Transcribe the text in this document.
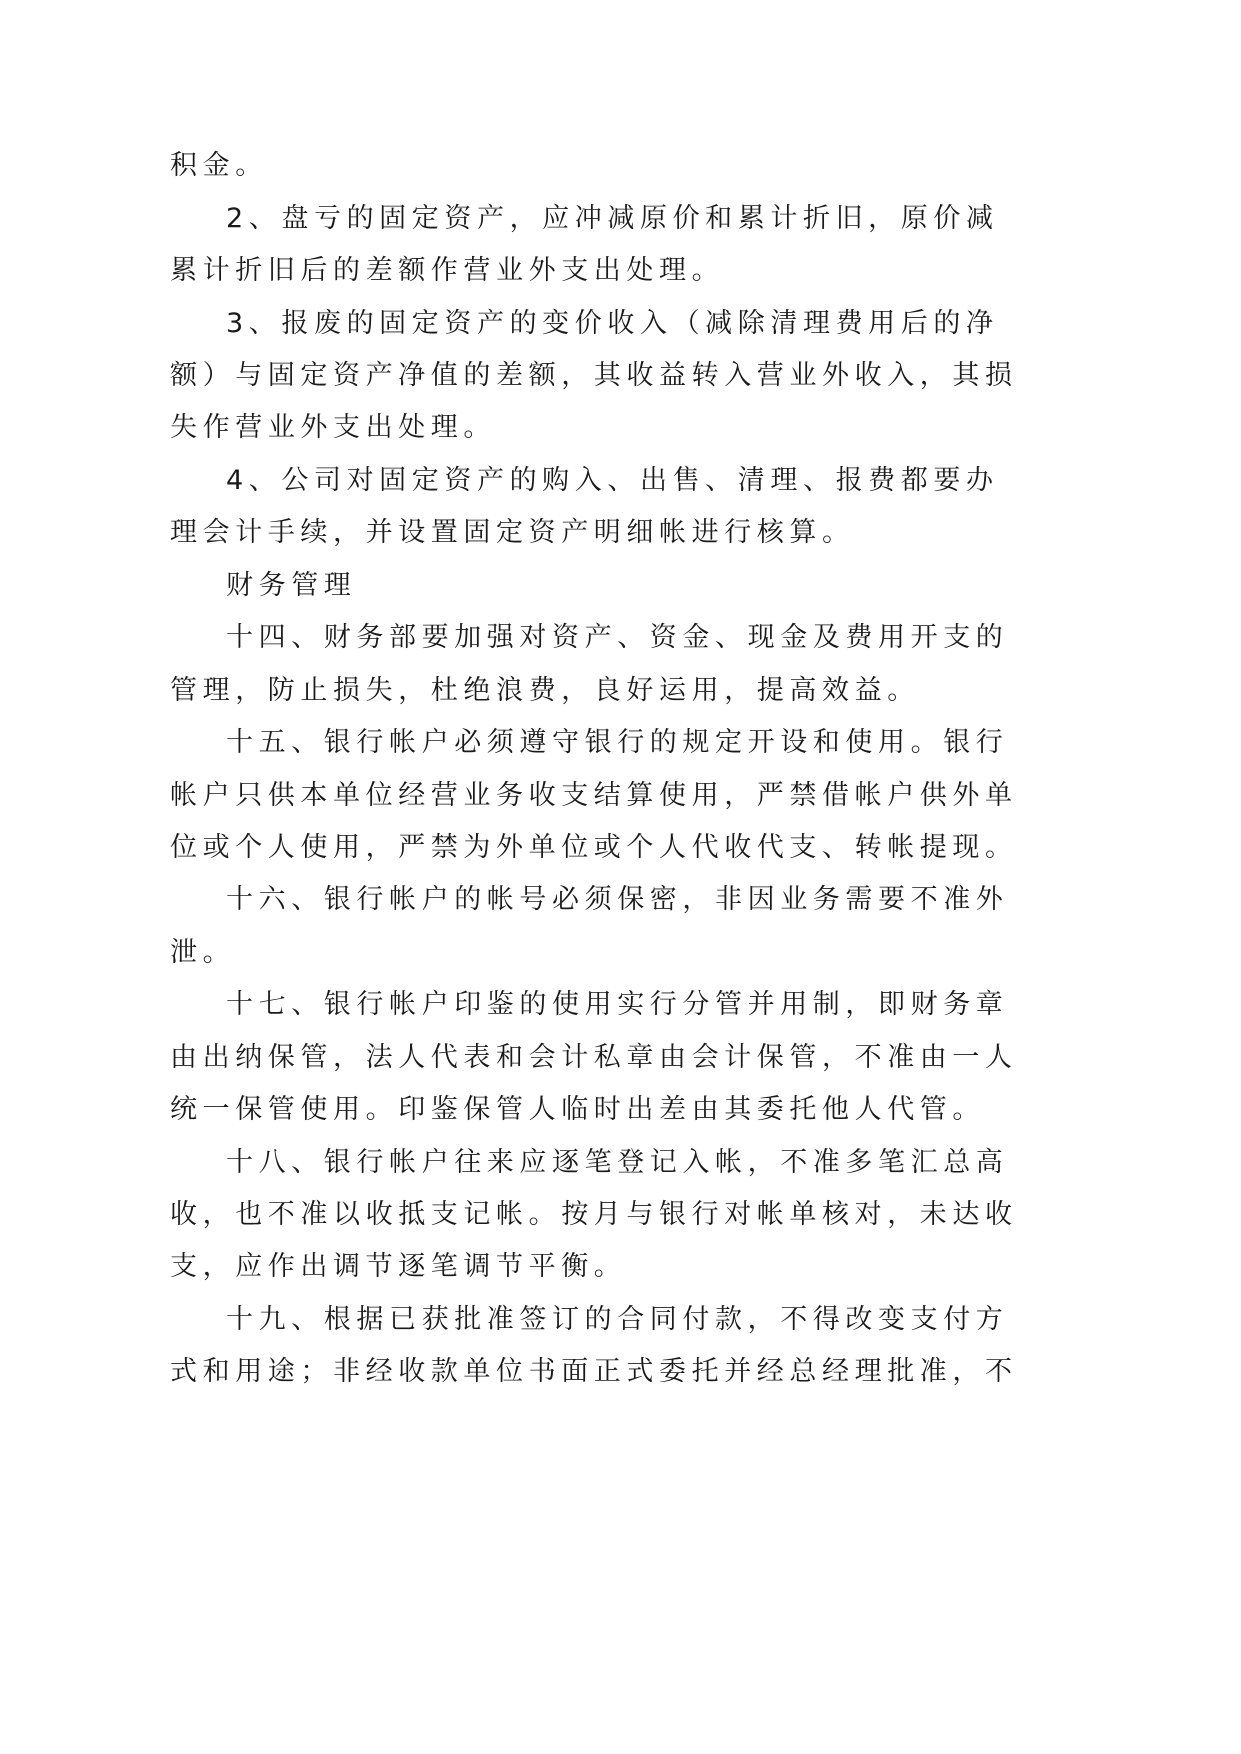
积金。
2、盘亏的固定资产，应冲减原价和累计折旧，原价减
累计折旧后的差额作营业外支出处理。
3、报废的固定资产的变价收入（减除清理费用后的净
额）与固定资产净值的差额，其收益转入营业外收入，其损
失作营业外支出处理。
4、公司对固定资产的购入、出售、清理、报费都要办
理会计手续，并设置固定资产明细帐进行核算。
财务管理
十四、财务部要加强对资产、资金、现金及费用开支的
管理，防止损失，杜绝浪费，良好运用，提高效益。
十五、银行帐户必须遵守银行的规定开设和使用。银行
帐户只供本单位经营业务收支结算使用，严禁借帐户供外单
位或个人使用，严禁为外单位或个人代收代支、转帐提现。
十六、银行帐户的帐号必须保密，非因业务需要不准外
泄。
十七、银行帐户印鉴的使用实行分管并用制，即财务章
由出纳保管，法人代表和会计私章由会计保管，不准由一人
统一保管使用。印鉴保管人临时出差由其委托他人代管。
十八、银行帐户往来应逐笔登记入帐，不准多笔汇总高
收，也不准以收抵支记帐。按月与银行对帐单核对，未达收
支，应作出调节逐笔调节平衡。
十九、根据已获批准签订的合同付款，不得改变支付方
式和用途；非经收款单位书面正式委托并经总经理批准，不
